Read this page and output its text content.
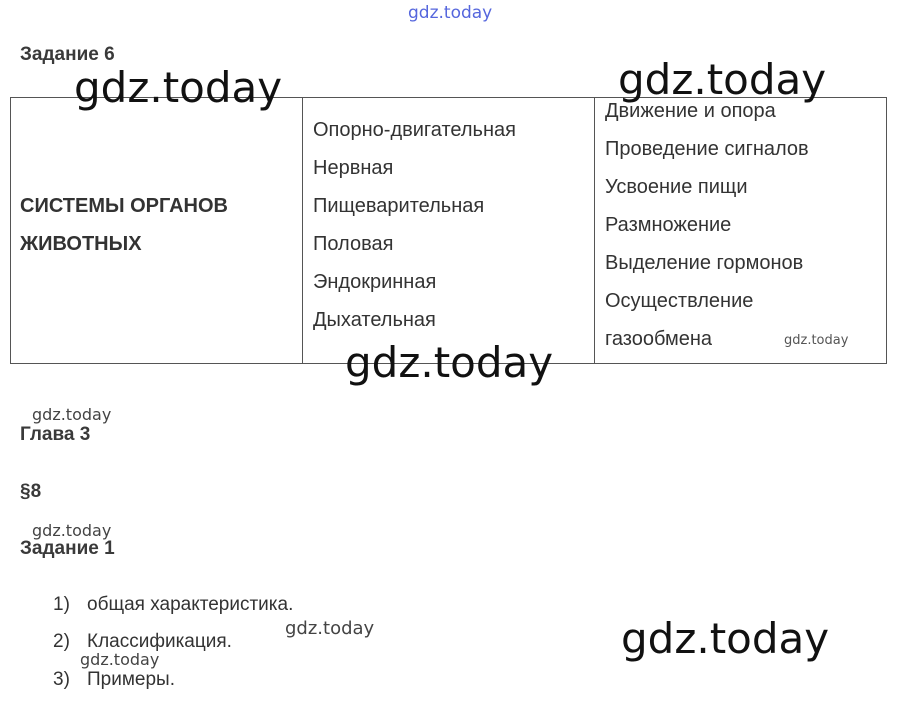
gdz.today
Задание 6
СИСТЕМЫ ОРГАНОВ
ЖИВОТНЫХ
Опорно-двигательная
Нервная
Пищеварительная
Половая
Эндокринная
Дыхательная
Движение и опора
Проведение сигналов
Усвоение пищи
Размножение
Выделение гормонов
Осуществление
газообмена
gdz.today	gdz.today
gdz.today
gdz.today
gdz.today
gdz.today
Глава 3
§8
gdz.today
Задание 1
1) общая характеристика.
2) Классификация.
3) Примеры.
gdz.today
gdz.today
